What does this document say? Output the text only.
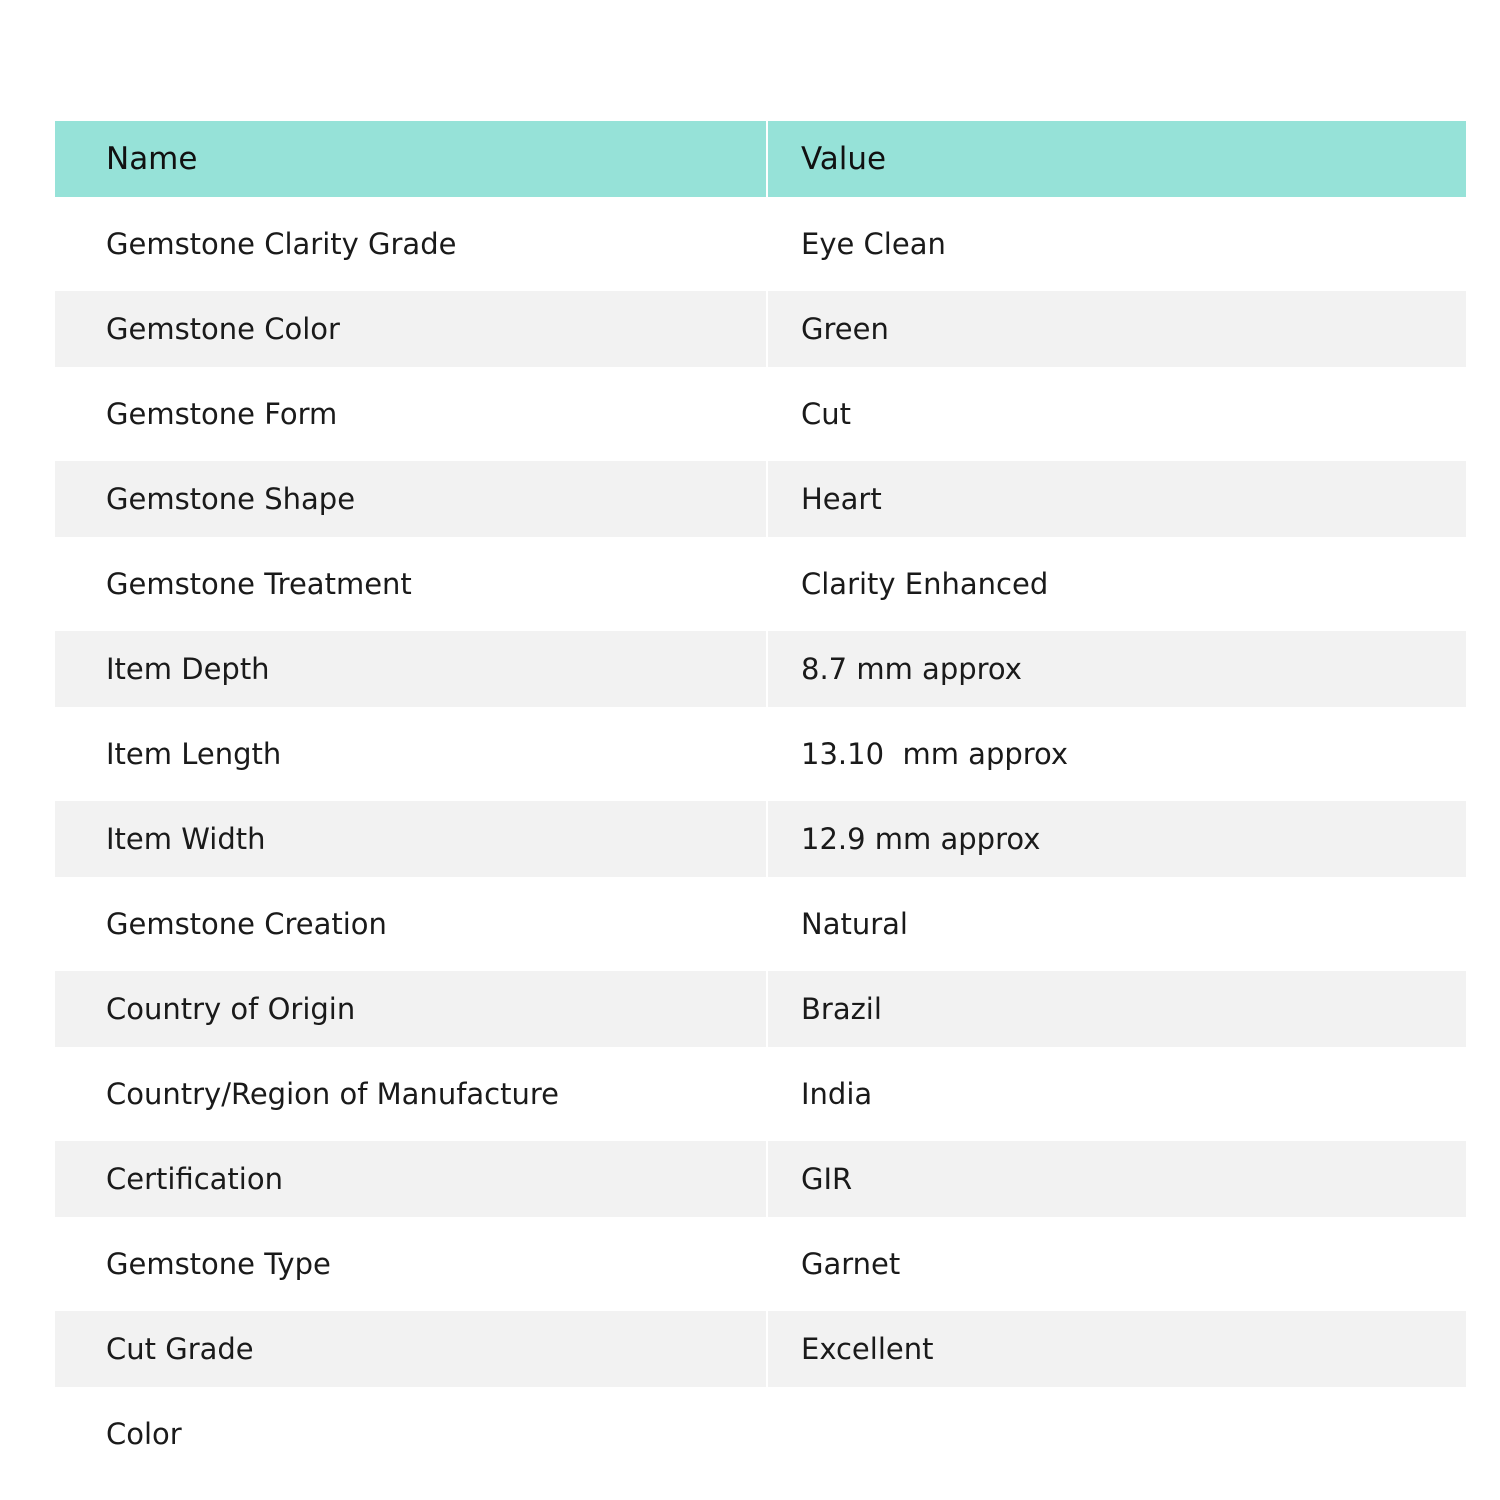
Name	Value
Gemstone Clarity Grade	Eye Clean
Gemstone Color	Green
Gemstone Form	Cut
Gemstone Shape	Heart
Gemstone Treatment	Clarity Enhanced
Item Depth	8.7 mm approx
Item Length	13.10  mm approx
Item Width	12.9 mm approx
Gemstone Creation	Natural
Country of Origin	Brazil
Country/Region of Manufacture	India
Certification	GIR
Gemstone Type	Garnet
Cut Grade	Excellent
Color
